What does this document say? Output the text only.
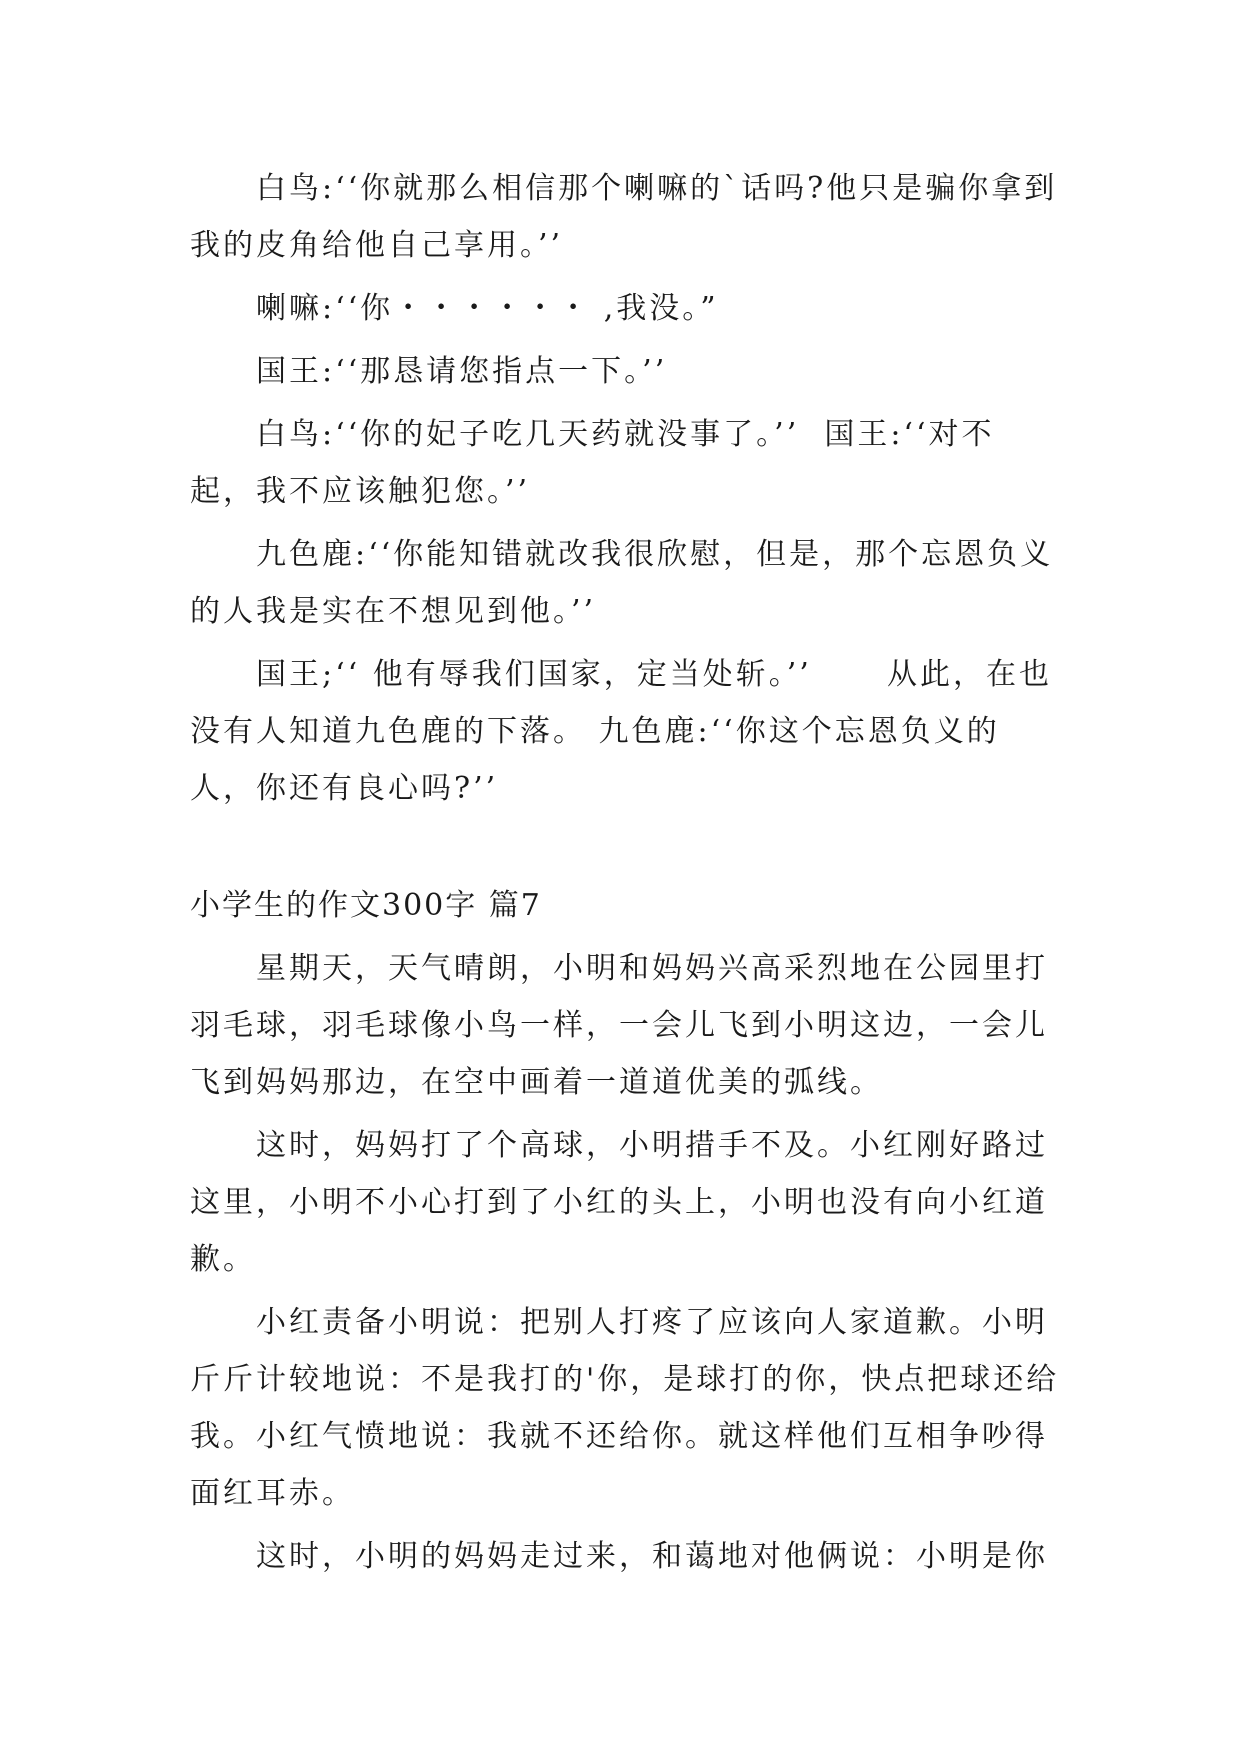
白鸟:‘‘你就那么相信那个喇嘛的`话吗?他只是骗你拿到我的皮角给他自己享用。’’

喇嘛:‘‘你・・・・・・ ,我没。”

国王:‘‘那恳请您指点一下。’’

白鸟:‘‘你的妃子吃几天药就没事了。’’  国王:‘‘对不起，我不应该触犯您。’’

九色鹿:‘‘你能知错就改我很欣慰，但是，那个忘恩负义的人我是实在不想见到他。’’

国王;‘‘ 他有辱我们国家，定当处斩。’’      从此，在也没有人知道九色鹿的下落。 九色鹿:‘‘你这个忘恩负义的人，你还有良心吗?’’

小学生的作文300字 篇7

星期天，天气晴朗，小明和妈妈兴高采烈地在公园里打羽毛球，羽毛球像小鸟一样，一会儿飞到小明这边，一会儿飞到妈妈那边，在空中画着一道道优美的弧线。

这时，妈妈打了个高球，小明措手不及。小红刚好路过这里，小明不小心打到了小红的头上，小明也没有向小红道歉。

小红责备小明说：把别人打疼了应该向人家道歉。小明斤斤计较地说：不是我打的'你，是球打的你，快点把球还给我。小红气愤地说：我就不还给你。就这样他们互相争吵得面红耳赤。

这时，小明的妈妈走过来，和蔼地对他俩说：小明是你
